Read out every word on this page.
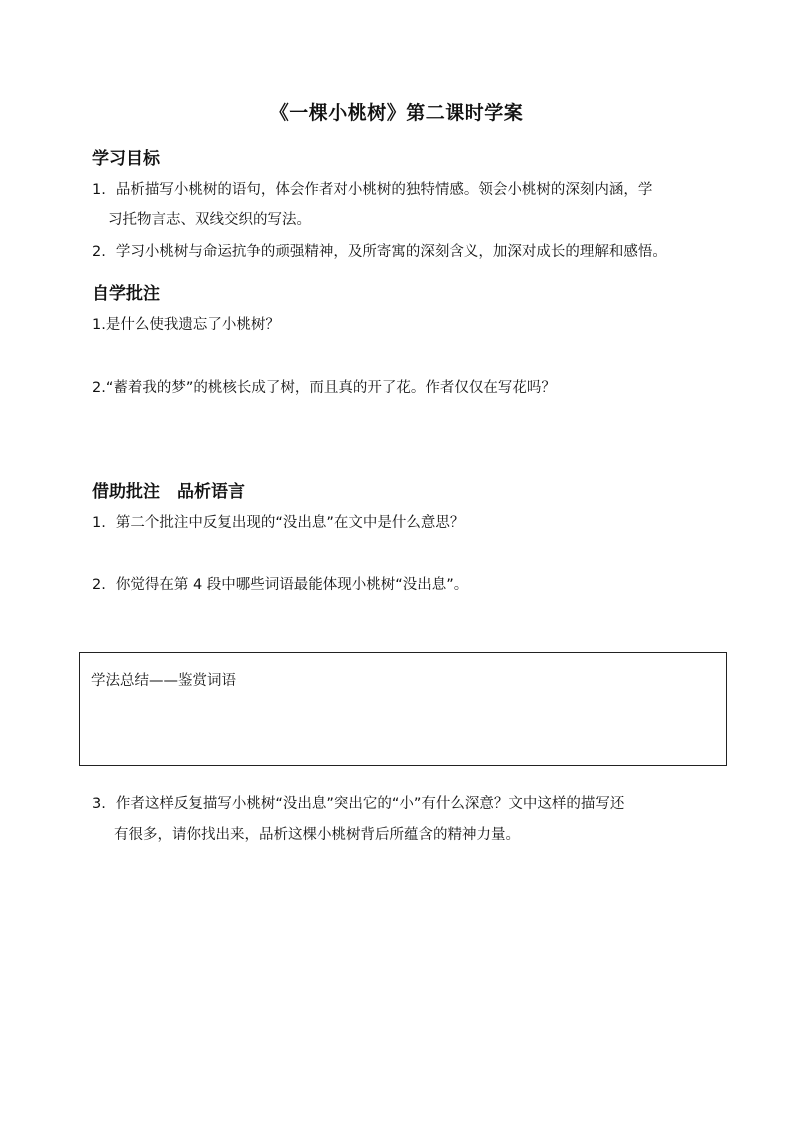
《一棵小桃树》第二课时学案
学习目标
1. 品析描写小桃树的语句，体会作者对小桃树的独特情感。领会小桃树的深刻内涵，学
习托物言志、双线交织的写法。
2. 学习小桃树与命运抗争的顽强精神，及所寄寓的深刻含义，加深对成长的理解和感悟。
自学批注
1.是什么使我遗忘了小桃树？
2.“蓄着我的梦”的桃核长成了树，而且真的开了花。作者仅仅在写花吗？
借助批注　品析语言
1. 第二个批注中反复出现的“没出息”在文中是什么意思？
2. 你觉得在第 4 段中哪些词语最能体现小桃树“没出息”。
学法总结——鉴赏词语
3. 作者这样反复描写小桃树“没出息”突出它的“小”有什么深意？文中这样的描写还
有很多，请你找出来，品析这棵小桃树背后所蕴含的精神力量。
